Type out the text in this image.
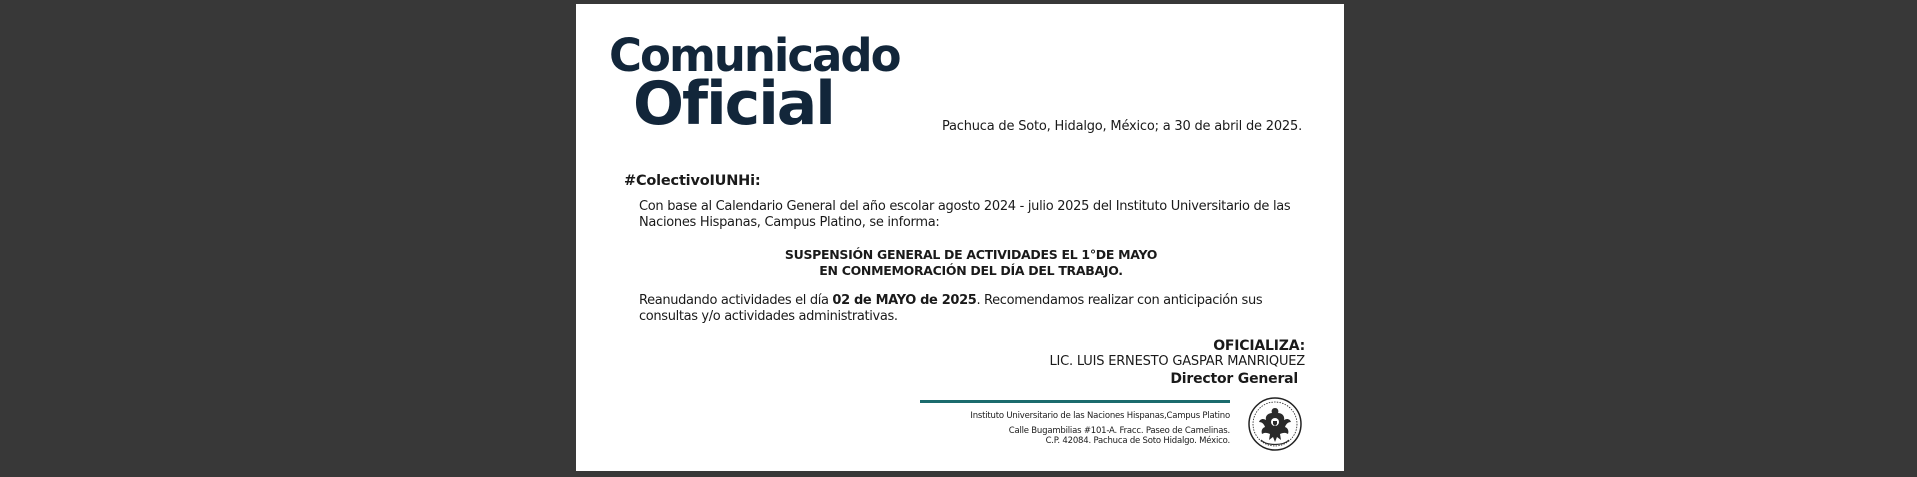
Comunicado
Oficial	Pachuca de Soto, Hidalgo, México; a 30 de abril de 2025.
#ColectivoIUNHi:
Con base al Calendario General del año escolar agosto 2024 - julio 2025 del Instituto Universitario de las Naciones Hispanas, Campus Platino, se informa:
SUSPENSIÓN GENERAL DE ACTIVIDADES EL 1°DE MAYO
EN CONMEMORACIÓN DEL DÍA DEL TRABAJO.
Reanudando actividades el día 02 de MAYO de 2025. Recomendamos realizar con anticipación sus consultas y/o actividades administrativas.
OFICIALIZA:
LIC. LUIS ERNESTO GASPAR MANRIQUEZ
Director General
Instituto Universitario de las Naciones Hispanas,Campus Platino
Calle Bugambilias #101-A. Fracc. Paseo de Camelinas.
C.P. 42084. Pachuca de Soto Hidalgo. México.
